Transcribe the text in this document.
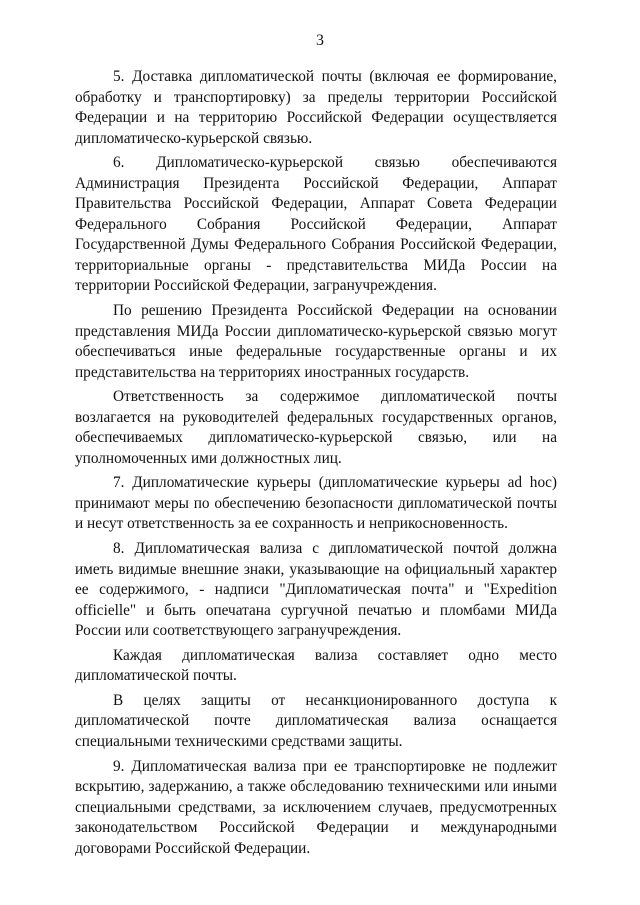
3

5. Доставка дипломатической почты (включая ее формирование, обработку и транспортировку) за пределы территории Российской Федерации и на территорию Российской Федерации осуществляется дипломатическо-курьерской связью.

6. Дипломатическо-курьерской связью обеспечиваются Администрация Президента Российской Федерации, Аппарат Правительства Российской Федерации, Аппарат Совета Федерации Федерального Собрания Российской Федерации, Аппарат Государственной Думы Федерального Собрания Российской Федерации, территориальные органы - представительства МИДа России на территории Российской Федерации, загранучреждения.

По решению Президента Российской Федерации на основании представления МИДа России дипломатическо-курьерской связью могут обеспечиваться иные федеральные государственные органы и их представительства на территориях иностранных государств.

Ответственность за содержимое дипломатической почты возлагается на руководителей федеральных государственных органов, обеспечиваемых дипломатическо-курьерской связью, или на уполномоченных ими должностных лиц.

7. Дипломатические курьеры (дипломатические курьеры ad hoc) принимают меры по обеспечению безопасности дипломатической почты и несут ответственность за ее сохранность и неприкосновенность.

8. Дипломатическая вализа с дипломатической почтой должна иметь видимые внешние знаки, указывающие на официальный характер ее содержимого, - надписи "Дипломатическая почта" и "Expedition officielle" и быть опечатана сургучной печатью и пломбами МИДа России или соответствующего загранучреждения.

Каждая дипломатическая вализа составляет одно место дипломатической почты.

В целях защиты от несанкционированного доступа к дипломатической почте дипломатическая вализа оснащается специальными техническими средствами защиты.

9. Дипломатическая вализа при ее транспортировке не подлежит вскрытию, задержанию, а также обследованию техническими или иными специальными средствами, за исключением случаев, предусмотренных законодательством Российской Федерации и международными договорами Российской Федерации.
